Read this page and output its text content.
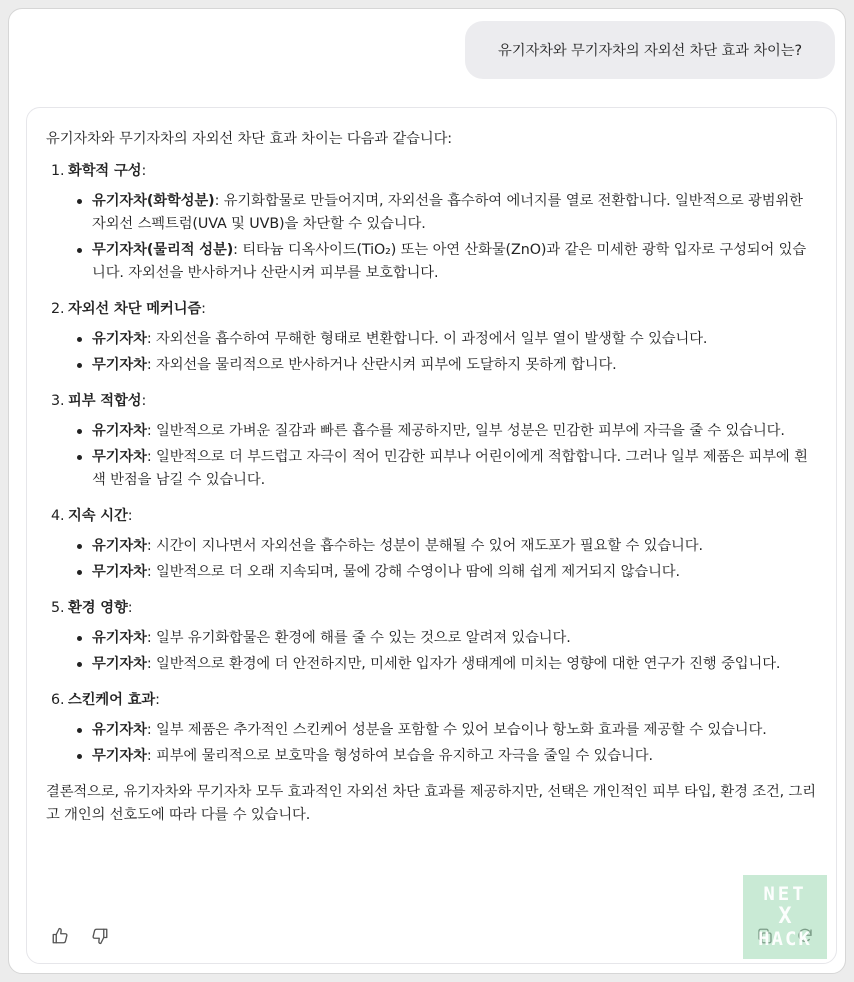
유기자차와 무기자차의 자외선 차단 효과 차이는?

유기자차와 무기자차의 자외선 차단 효과 차이는 다음과 같습니다:

1. 화학적 구성:
유기자차(화학성분): 유기화합물로 만들어지며, 자외선을 흡수하여 에너지를 열로 전환합니다. 일반적으로 광범위한 자외선 스펙트럼(UVA 및 UVB)을 차단할 수 있습니다.
무기자차(물리적 성분): 티타늄 디옥사이드(TiO₂) 또는 아연 산화물(ZnO)과 같은 미세한 광학 입자로 구성되어 있습니다. 자외선을 반사하거나 산란시켜 피부를 보호합니다.
2. 자외선 차단 메커니즘:
유기자차: 자외선을 흡수하여 무해한 형태로 변환합니다. 이 과정에서 일부 열이 발생할 수 있습니다.
무기자차: 자외선을 물리적으로 반사하거나 산란시켜 피부에 도달하지 못하게 합니다.
3. 피부 적합성:
유기자차: 일반적으로 가벼운 질감과 빠른 흡수를 제공하지만, 일부 성분은 민감한 피부에 자극을 줄 수 있습니다.
무기자차: 일반적으로 더 부드럽고 자극이 적어 민감한 피부나 어린이에게 적합합니다. 그러나 일부 제품은 피부에 흰색 반점을 남길 수 있습니다.
4. 지속 시간:
유기자차: 시간이 지나면서 자외선을 흡수하는 성분이 분해될 수 있어 재도포가 필요할 수 있습니다.
무기자차: 일반적으로 더 오래 지속되며, 물에 강해 수영이나 땀에 의해 쉽게 제거되지 않습니다.
5. 환경 영향:
유기자차: 일부 유기화합물은 환경에 해를 줄 수 있는 것으로 알려져 있습니다.
무기자차: 일반적으로 환경에 더 안전하지만, 미세한 입자가 생태계에 미치는 영향에 대한 연구가 진행 중입니다.
6. 스킨케어 효과:
유기자차: 일부 제품은 추가적인 스킨케어 성분을 포함할 수 있어 보습이나 항노화 효과를 제공할 수 있습니다.
무기자차: 피부에 물리적으로 보호막을 형성하여 보습을 유지하고 자극을 줄일 수 있습니다.

결론적으로, 유기자차와 무기자차 모두 효과적인 자외선 차단 효과를 제공하지만, 선택은 개인적인 피부 타입, 환경 조건, 그리고 개인의 선호도에 따라 다를 수 있습니다.

NET
X
HACK
